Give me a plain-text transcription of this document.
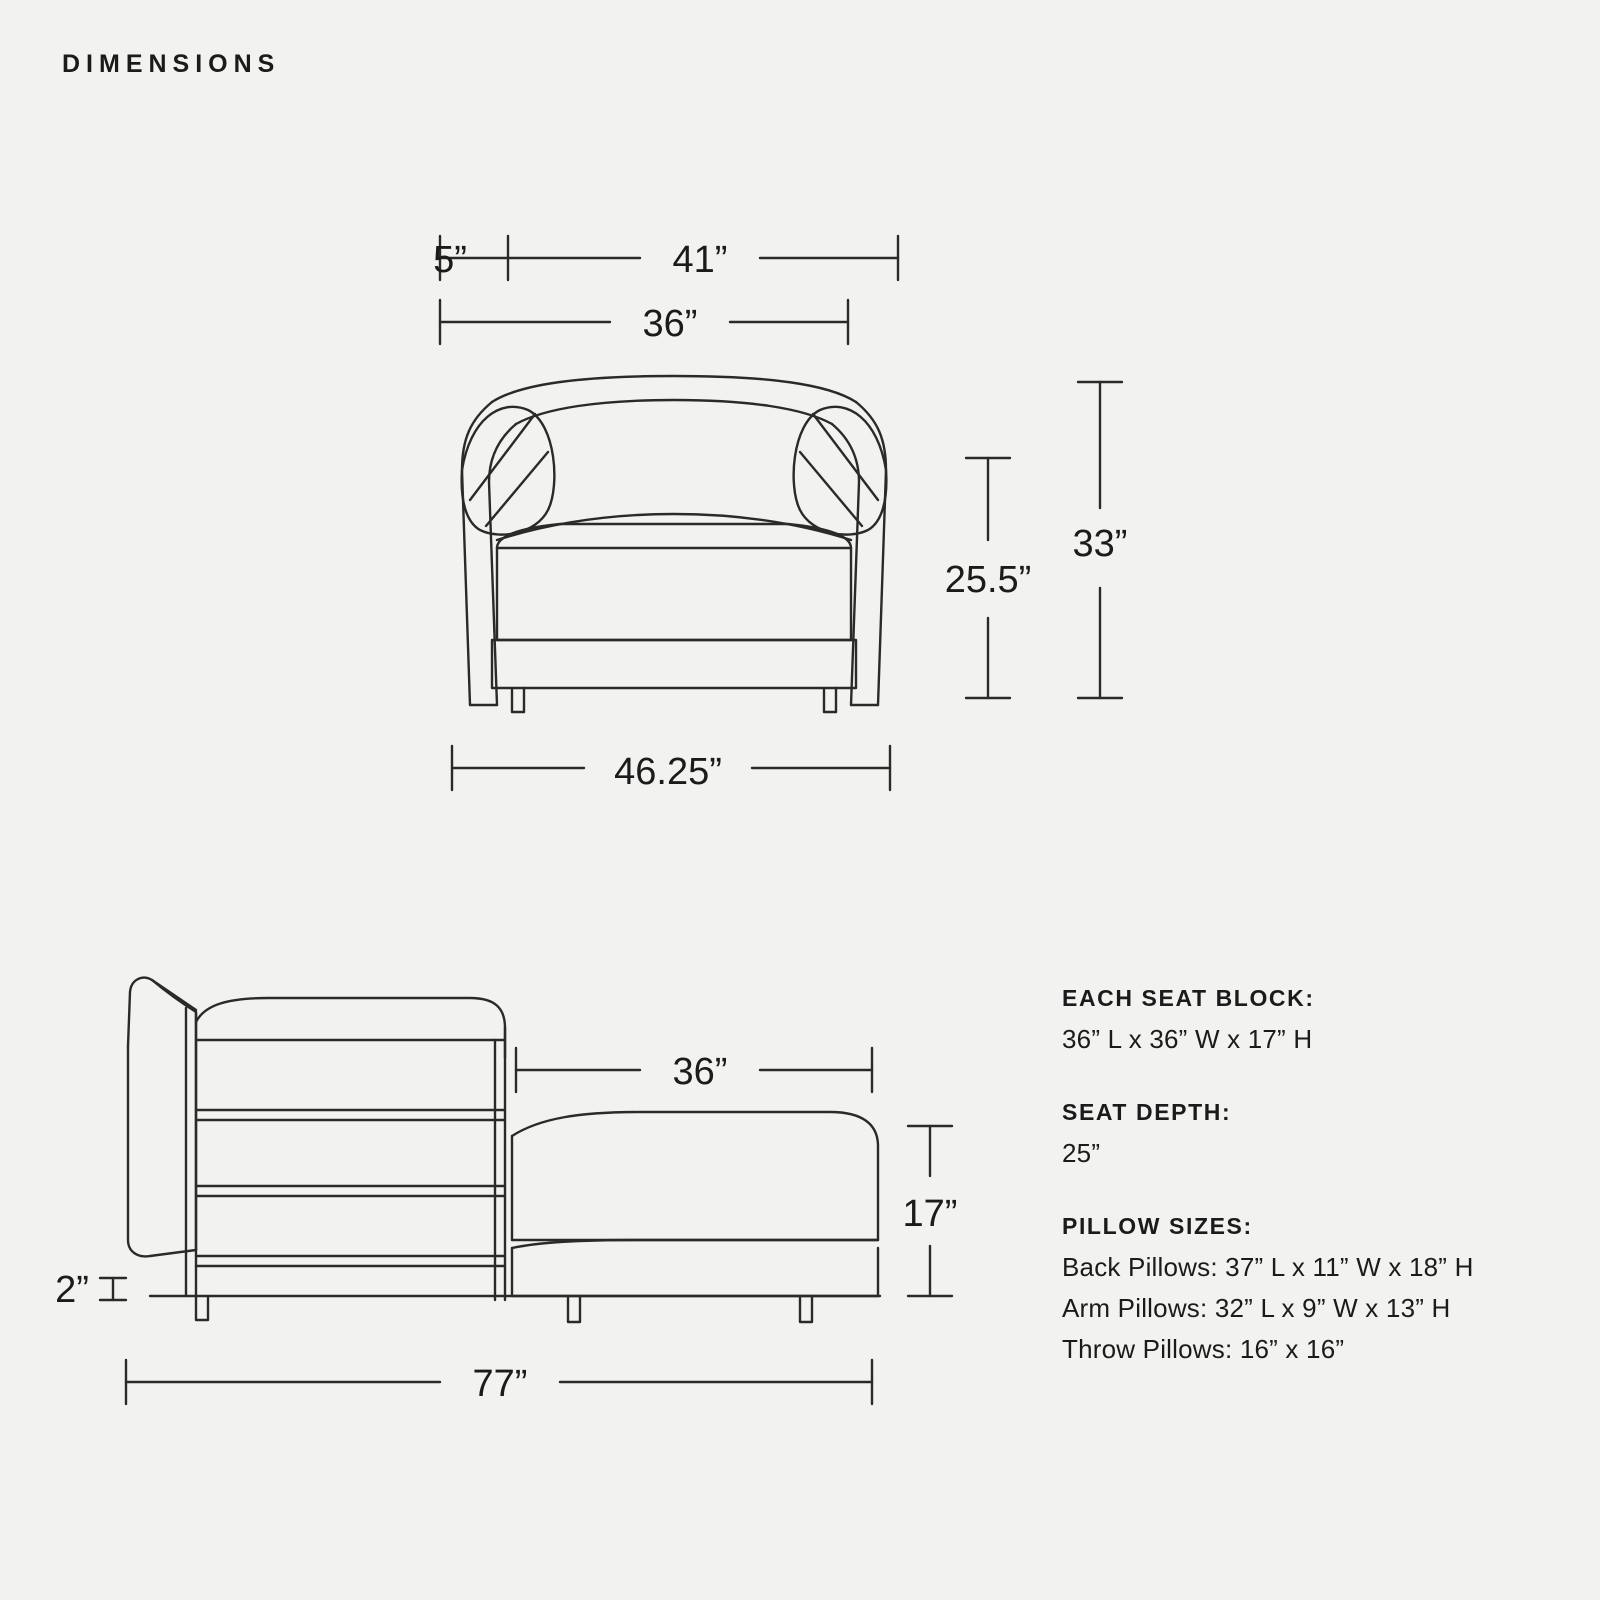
DIMENSIONS
5”	41”
36”
25.5”
33”
46.25”
36”
17”
2”
77”

EACH SEAT BLOCK:

36” L x 36” W x 17” H

SEAT DEPTH:

25”

PILLOW SIZES:

Back Pillows: 37” L x 11” W x 18” H

Arm Pillows: 32” L x 9” W x 13” H

Throw Pillows: 16” x 16”
